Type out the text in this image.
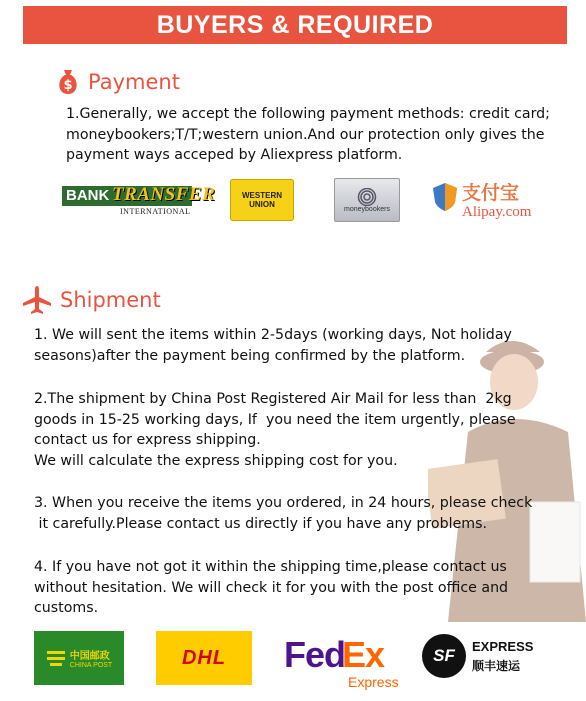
BUYERS & REQUIRED
$ Payment
1.Generally, we accept the following payment methods: credit card;
moneybookers;T/T;western union.And our protection only gives the
payment ways acceped by Aliexpress platform.
BANK TRANSFER
INTERNATIONAL
WESTERN
UNION	moneybookers
支付宝
Alipay.com
Shipment
1. We will sent the items within 2-5days (working days, Not holiday
seasons)after the payment being confirmed by the platform.
2.The shipment by China Post Registered Air Mail for less than  2kg
goods in 15-25 working days, If  you need the item urgently, please
contact us for express shipping.
We will calculate the express shipping cost for you.
3. When you receive the items you ordered, in 24 hours, please check
it carefully.Please contact us directly if you have any problems.
4. If you have not got it within the shipping time,please contact us
without hesitation. We will check it for you with the post office and
customs.
中国邮政
CHINA POST	DHL Fed
Ex
Express
SF	EXPRESS
顺丰速运
